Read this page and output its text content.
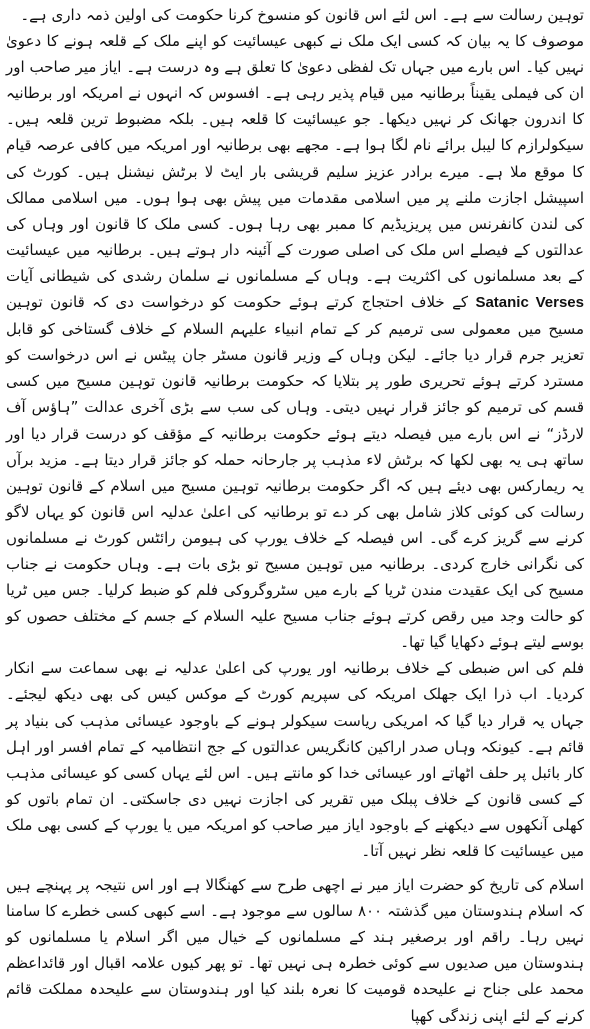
توہین رسالت سے ہے۔ اس لئے اس قانون کو منسوخ کرنا حکومت کی اولین ذمہ داری ہے۔

موصوف کا یہ بیان کہ کسی ایک ملک نے کبھی عیسائیت کو اپنے ملک کے قلعہ ہونے کا دعویٰ نہیں کیا۔ اس بارے میں جہاں تک لفظی دعویٰ کا تعلق ہے وہ درست ہے۔ ایاز میر صاحب اور ان کی فیملی یقیناً برطانیہ میں قیام پذیر رہی ہے۔ افسوس کہ انہوں نے امریکہ اور برطانیہ کا اندرون جھانک کر نہیں دیکھا۔ جو عیسائیت کا قلعہ ہیں۔ بلکہ مضبوط ترین قلعہ ہیں۔ سیکولرازم کا لیبل برائے نام لگا ہوا ہے۔ مجھے بھی برطانیہ اور امریکہ میں کافی عرصہ قیام کا موقع ملا ہے۔ میرے برادر عزیز سلیم قریشی بار ایٹ لا برٹش نیشنل ہیں۔ کورٹ کی اسپیشل اجازت ملنے پر میں اسلامی مقدمات میں پیش بھی ہوا ہوں۔ میں اسلامی ممالک کی لندن کانفرنس میں پریزیڈیم کا ممبر بھی رہا ہوں۔ کسی ملک کا قانون اور وہاں کی عدالتوں کے فیصلے اس ملک کی اصلی صورت کے آئینہ دار ہوتے ہیں۔ برطانیہ میں عیسائیت کے بعد مسلمانوں کی اکثریت ہے۔ وہاں کے مسلمانوں نے سلمان رشدی کی شیطانی آیات Satanic Verses کے خلاف احتجاج کرتے ہوئے حکومت کو درخواست دی کہ قانون توہین مسیح میں معمولی سی ترمیم کر کے تمام انبیاء علیہم السلام کے خلاف گستاخی کو قابل تعزیر جرم قرار دیا جائے۔ لیکن وہاں کے وزیر قانون مسٹر جان پیٹس نے اس درخواست کو مسترد کرتے ہوئے تحریری طور پر بتلایا کہ حکومت برطانیہ قانون توہین مسیح میں کسی قسم کی ترمیم کو جائز قرار نہیں دیتی۔ وہاں کی سب سے بڑی آخری عدالت ”ہاؤس آف لارڈز“ نے اس بارے میں فیصلہ دیتے ہوئے حکومت برطانیہ کے مؤقف کو درست قرار دیا اور ساتھ ہی یہ بھی لکھا کہ برٹش لاء مذہب پر جارحانہ حملہ کو جائز قرار دیتا ہے۔ مزید برآں یہ ریمارکس بھی دیئے ہیں کہ اگر حکومت برطانیہ توہین مسیح میں اسلام کے قانون توہین رسالت کی کوئی کلاز شامل بھی کر دے تو برطانیہ کی اعلیٰ عدلیہ اس قانون کو یہاں لاگو کرنے سے گریز کرے گی۔ اس فیصلہ کے خلاف یورپ کی ہیومن رائٹس کورٹ نے مسلمانوں کی نگرانی خارج کردی۔ برطانیہ میں توہین مسیح تو بڑی بات ہے۔ وہاں حکومت نے جناب مسیح کی ایک عقیدت مندن ٹریا کے بارے میں سٹروگروکی فلم کو ضبط کرلیا۔ جس میں ٹریا کو حالت وجد میں رقص کرتے ہوئے جناب مسیح علیہ السلام کے جسم کے مختلف حصوں کو بوسے لیتے ہوئے دکھایا گیا تھا۔

فلم کی اس ضبطی کے خلاف برطانیہ اور یورپ کی اعلیٰ عدلیہ نے بھی سماعت سے انکار کردیا۔ اب ذرا ایک جھلک امریکہ کی سپریم کورٹ کے موکس کیس کی بھی دیکھ لیجئے۔ جہاں یہ قرار دیا گیا کہ امریکی ریاست سیکولر ہونے کے باوجود عیسائی مذہب کی بنیاد پر قائم ہے۔ کیونکہ وہاں صدر اراکین کانگریس عدالتوں کے جج انتظامیہ کے تمام افسر اور اہل کار بائبل پر حلف اٹھاتے اور عیسائی خدا کو مانتے ہیں۔ اس لئے یہاں کسی کو عیسائی مذہب کے کسی قانون کے خلاف پبلک میں تقریر کی اجازت نہیں دی جاسکتی۔ ان تمام باتوں کو کھلی آنکھوں سے دیکھنے کے باوجود ایاز میر صاحب کو امریکہ میں یا یورپ کے کسی بھی ملک میں عیسائیت کا قلعہ نظر نہیں آتا۔

اسلام کی تاریخ کو حضرت ایاز میر نے اچھی طرح سے کھنگالا ہے اور اس نتیجہ پر پہنچے ہیں کہ اسلام ہندوستان میں گذشتہ ۸۰۰ سالوں سے موجود ہے۔ اسے کبھی کسی خطرے کا سامنا نہیں رہا۔ راقم اور برصغیر ہند کے مسلمانوں کے خیال میں اگر اسلام یا مسلمانوں کو ہندوستان میں صدیوں سے کوئی خطرہ ہی نہیں تھا۔ تو پھر کیوں علامہ اقبال اور قائداعظم محمد علی جناح نے علیحدہ قومیت کا نعرہ بلند کیا اور ہندوستان سے علیحدہ مملکت قائم کرنے کے لئے اپنی زندگی کھپا
